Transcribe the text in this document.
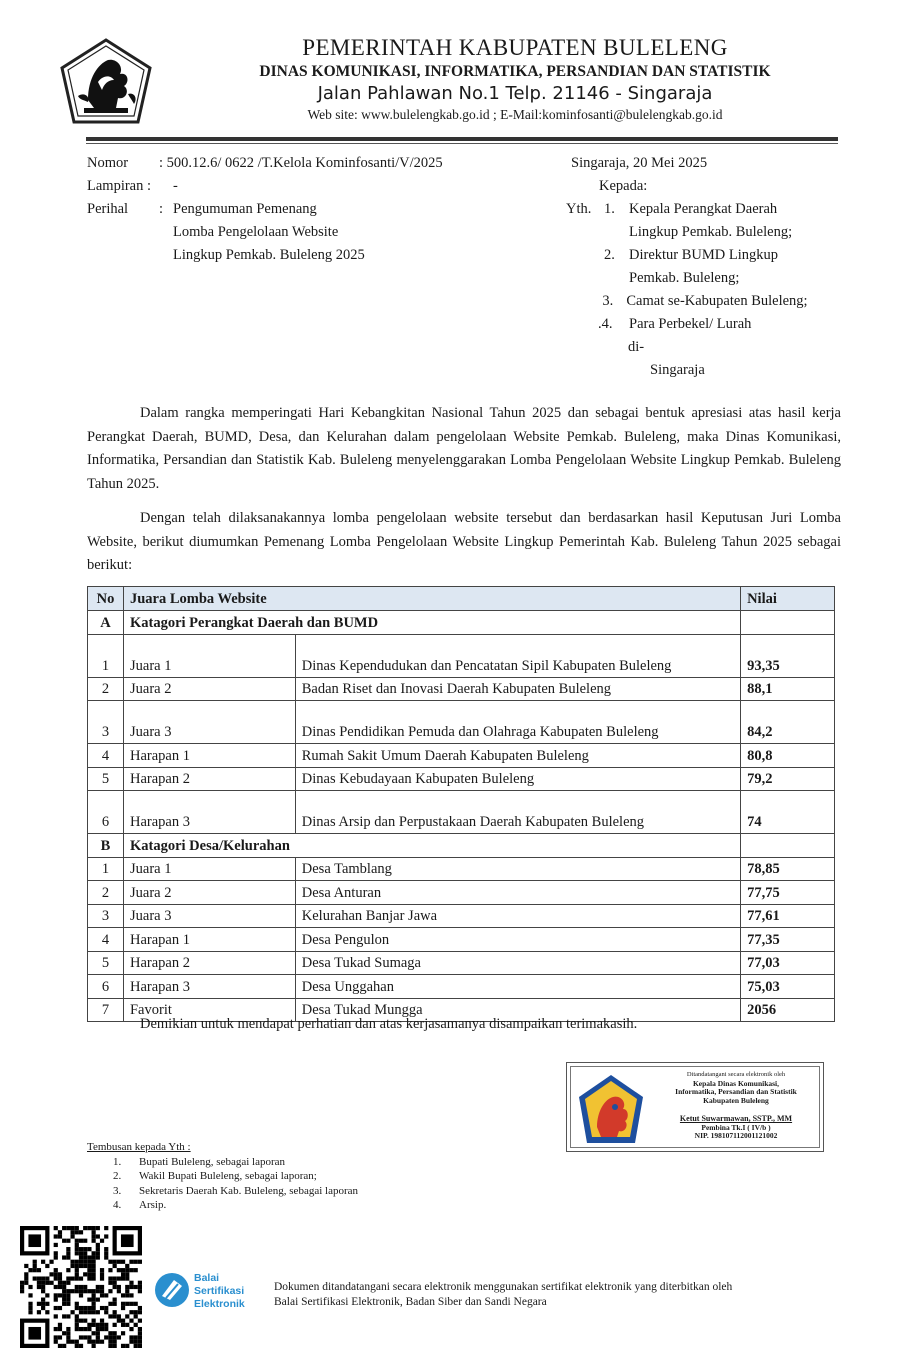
PEMERINTAH KABUPATEN BULELENG
DINAS KOMUNIKASI, INFORMATIKA, PERSANDIAN DAN STATISTIK
Jalan Pahlawan No.1 Telp. 21146 - Singaraja
Web site: www.bulelengkab.go.id ; E-Mail:kominfosanti@bulelengkab.go.id
Nomor	: 500.12.6/ 0622 /T.Kelola Kominfosanti/V/2025
Lampiran :	-
Perihal	: Pengumuman Pemenang
Lomba Pengelolaan Website
Lingkup Pemkab. Buleleng 2025
Singaraja, 20 Mei 2025
Kepada:
Yth. 1. Kepala Perangkat Daerah
Lingkup Pemkab. Buleleng;
2. Direktur BUMD Lingkup
Pemkab. Buleleng;
3. Camat se-Kabupaten Buleleng;
.4.	Para Perbekel/ Lurah
di-
Singaraja
Dalam rangka memperingati Hari Kebangkitan Nasional Tahun 2025 dan sebagai bentuk apresiasi atas hasil kerja Perangkat Daerah, BUMD, Desa, dan Kelurahan dalam pengelolaan Website Pemkab. Buleleng, maka Dinas Komunikasi, Informatika, Persandian dan Statistik Kab. Buleleng menyelenggarakan Lomba Pengelolaan Website Lingkup Pemkab. Buleleng Tahun 2025.
Dengan telah dilaksanakannya lomba pengelolaan website tersebut dan berdasarkan hasil Keputusan Juri Lomba Website, berikut diumumkan Pemenang Lomba Pengelolaan Website Lingkup Pemerintah Kab. Buleleng Tahun 2025 sebagai berikut:
No	Juara Lomba Website		Nilai
A	Katagori Perangkat Daerah dan BUMD		
1	Juara 1	Dinas Kependudukan dan Pencatatan Sipil Kabupaten Buleleng	93,35
2	Juara 2	Badan Riset dan Inovasi Daerah Kabupaten Buleleng	88,1
3	Juara 3	Dinas Pendidikan Pemuda dan Olahraga Kabupaten Buleleng	84,2
4	Harapan 1	Rumah Sakit Umum Daerah Kabupaten Buleleng	80,8
5	Harapan 2	Dinas Kebudayaan Kabupaten Buleleng	79,2
6	Harapan 3	Dinas Arsip dan Perpustakaan Daerah Kabupaten Buleleng	74
B	Katagori Desa/Kelurahan		
1	Juara 1	Desa Tamblang	78,85
2	Juara 2	Desa Anturan	77,75
3	Juara 3	Kelurahan Banjar Jawa	77,61
4	Harapan 1	Desa Pengulon	77,35
5	Harapan 2	Desa Tukad Sumaga	77,03
6	Harapan 3	Desa Unggahan	75,03
7	Favorit	Desa Tukad Mungga	2056
Demikian untuk mendapat perhatian dan atas kerjasamanya disampaikan terimakasih.
Ditandatangani secara elektronik oleh
Kepala Dinas Komunikasi,
Informatika, Persandian dan Statistik
Kabupaten Buleleng
Ketut Suwarmawan, SSTP., MM
Pembina Tk.I ( IV/b )
NIP. 198107112001121002
Tembusan kepada Yth :
1.	Bupati Buleleng, sebagai laporan
2.	Wakil Bupati Buleleng, sebagai laporan;
3.	Sekretaris Daerah Kab. Buleleng, sebagai laporan
4.	Arsip.
Balai
Sertifikasi
Elektronik
Dokumen ditandatangani secara elektronik menggunakan sertifikat elektronik yang diterbitkan oleh
Balai Sertifikasi Elektronik, Badan Siber dan Sandi Negara
